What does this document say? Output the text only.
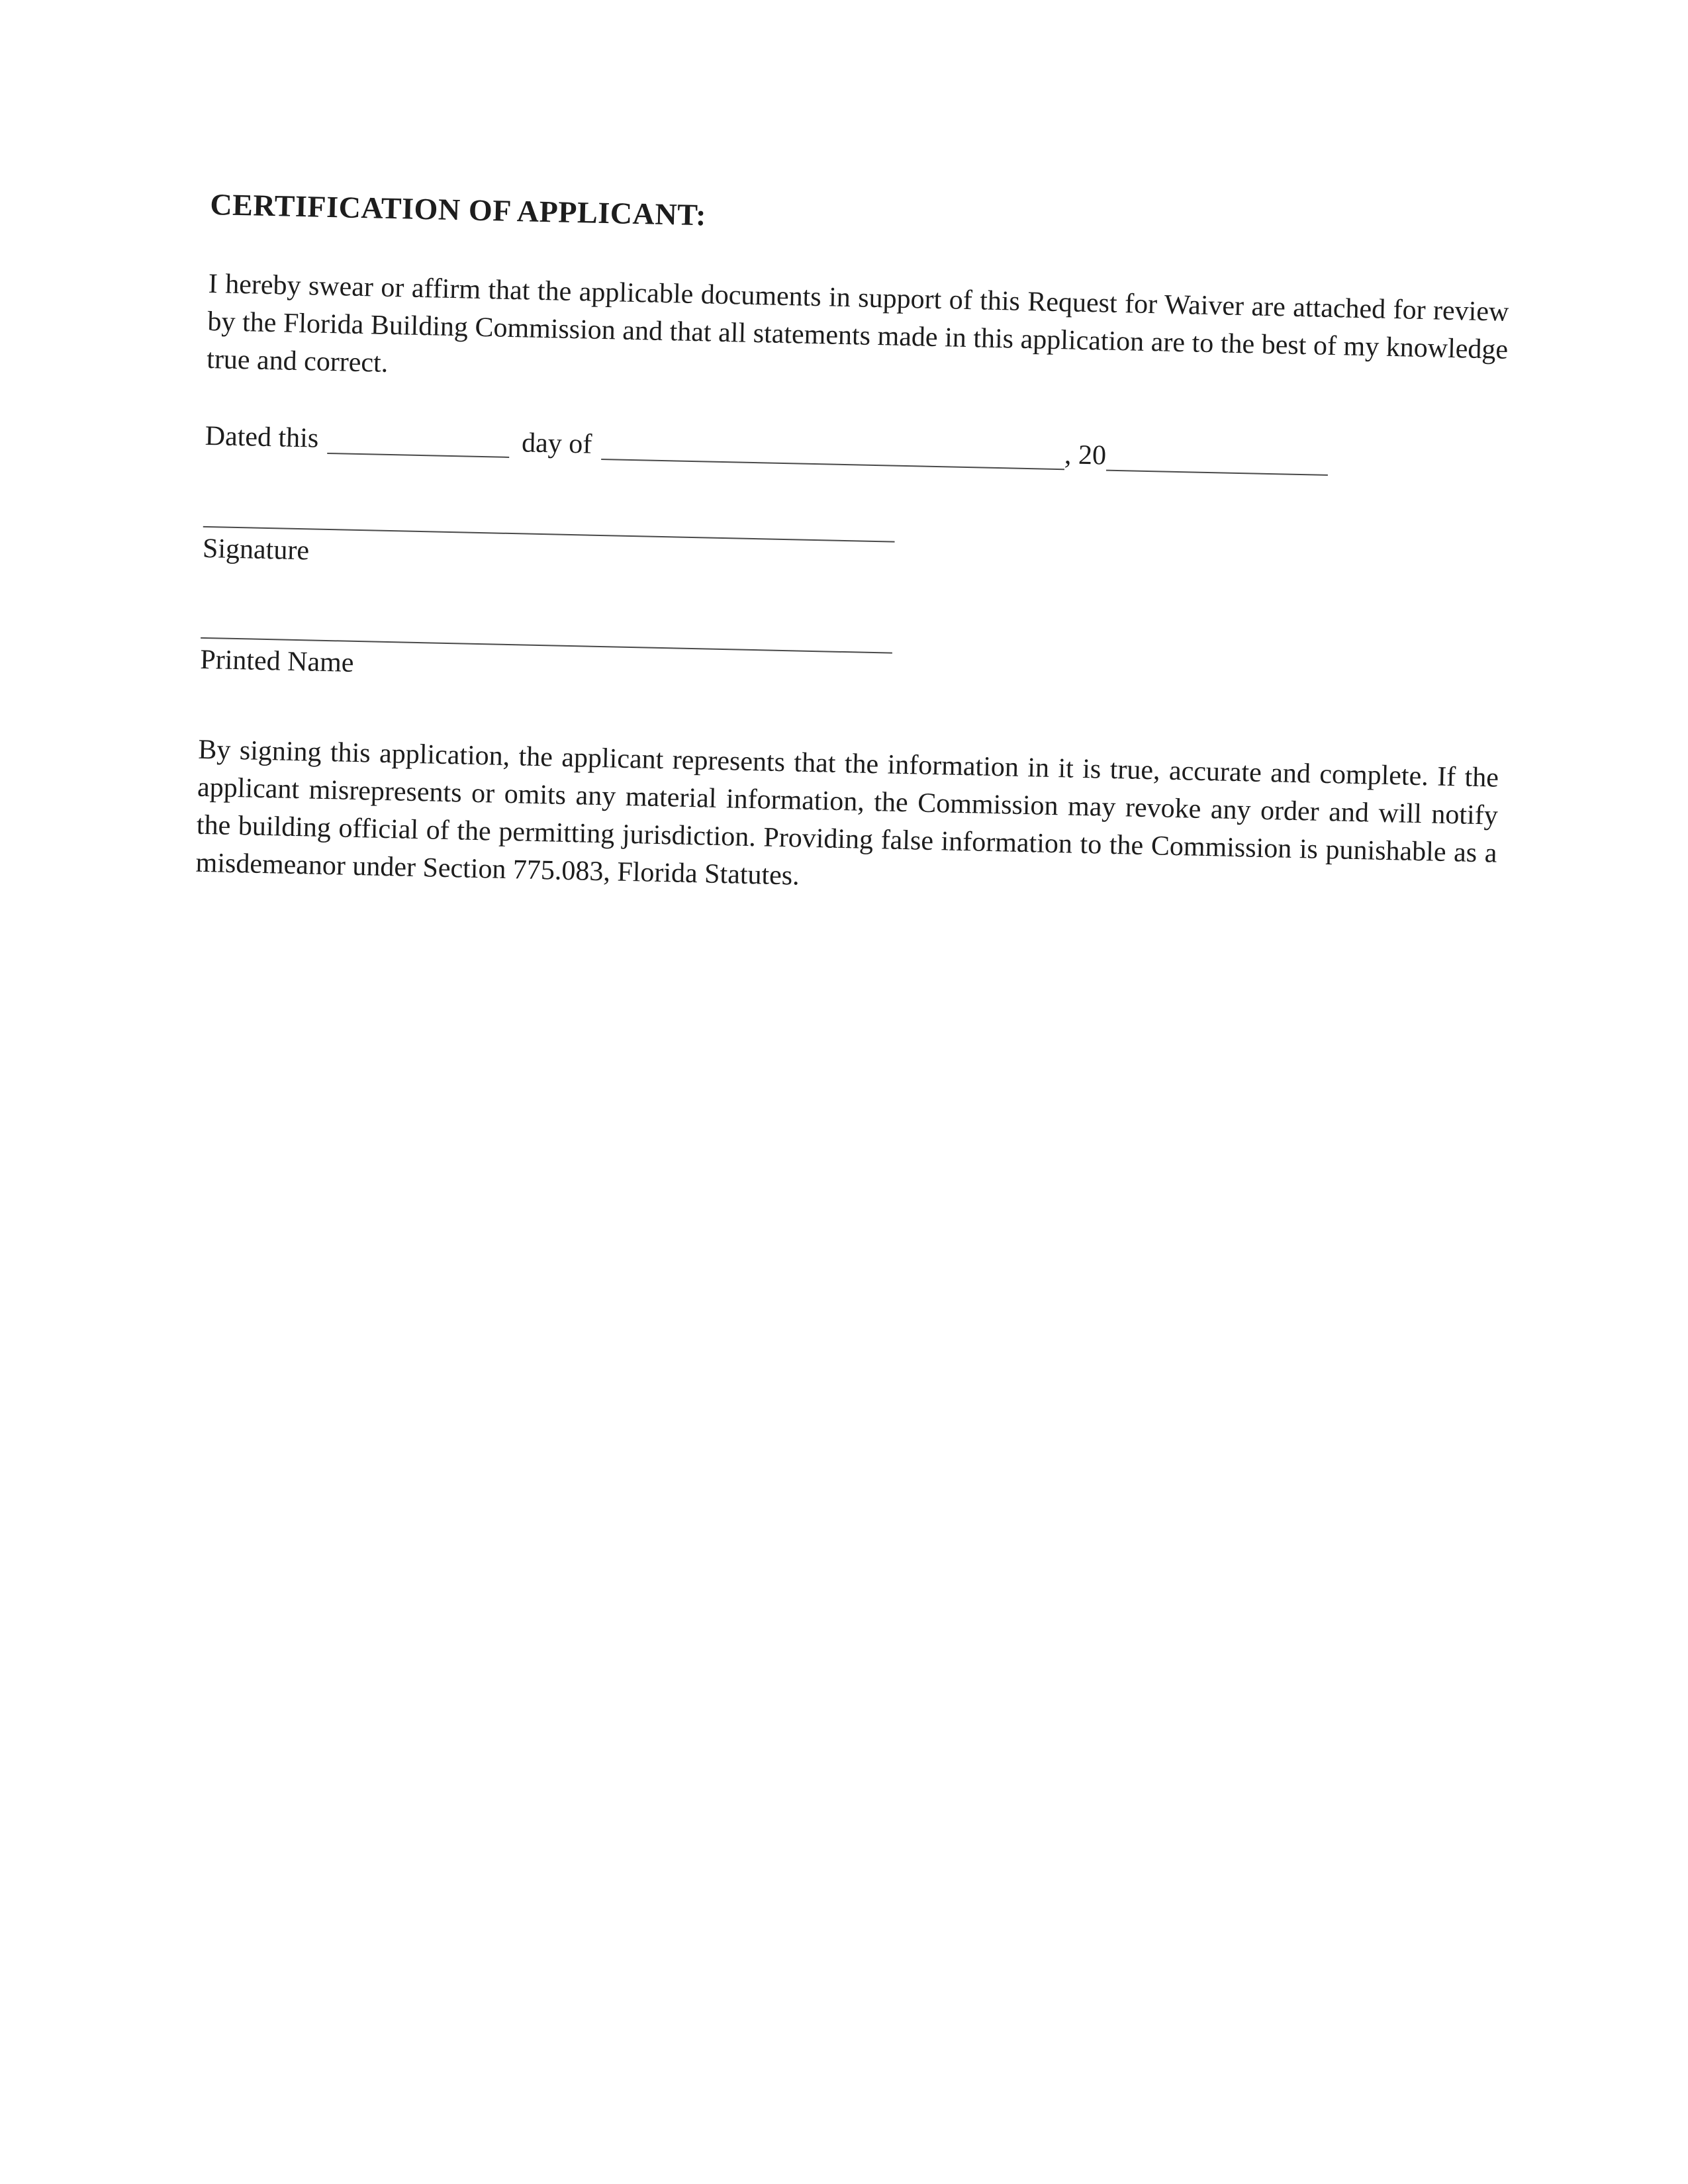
CERTIFICATION OF APPLICANT:
I hereby swear or affirm that the applicable documents in support of this Request for Waiver are attached for review by the Florida Building Commission and that all statements made in this application are to the best of my knowledge true and correct.
Dated this	day of	, 20
Signature
Printed Name
By signing this application, the applicant represents that the information in it is true, accurate and complete. If the applicant misrepresents or omits any material information, the Commission may revoke any order and will notify the building official of the permitting jurisdiction. Providing false information to the Commission is punishable as a misdemeanor under Section 775.083, Florida Statutes.
